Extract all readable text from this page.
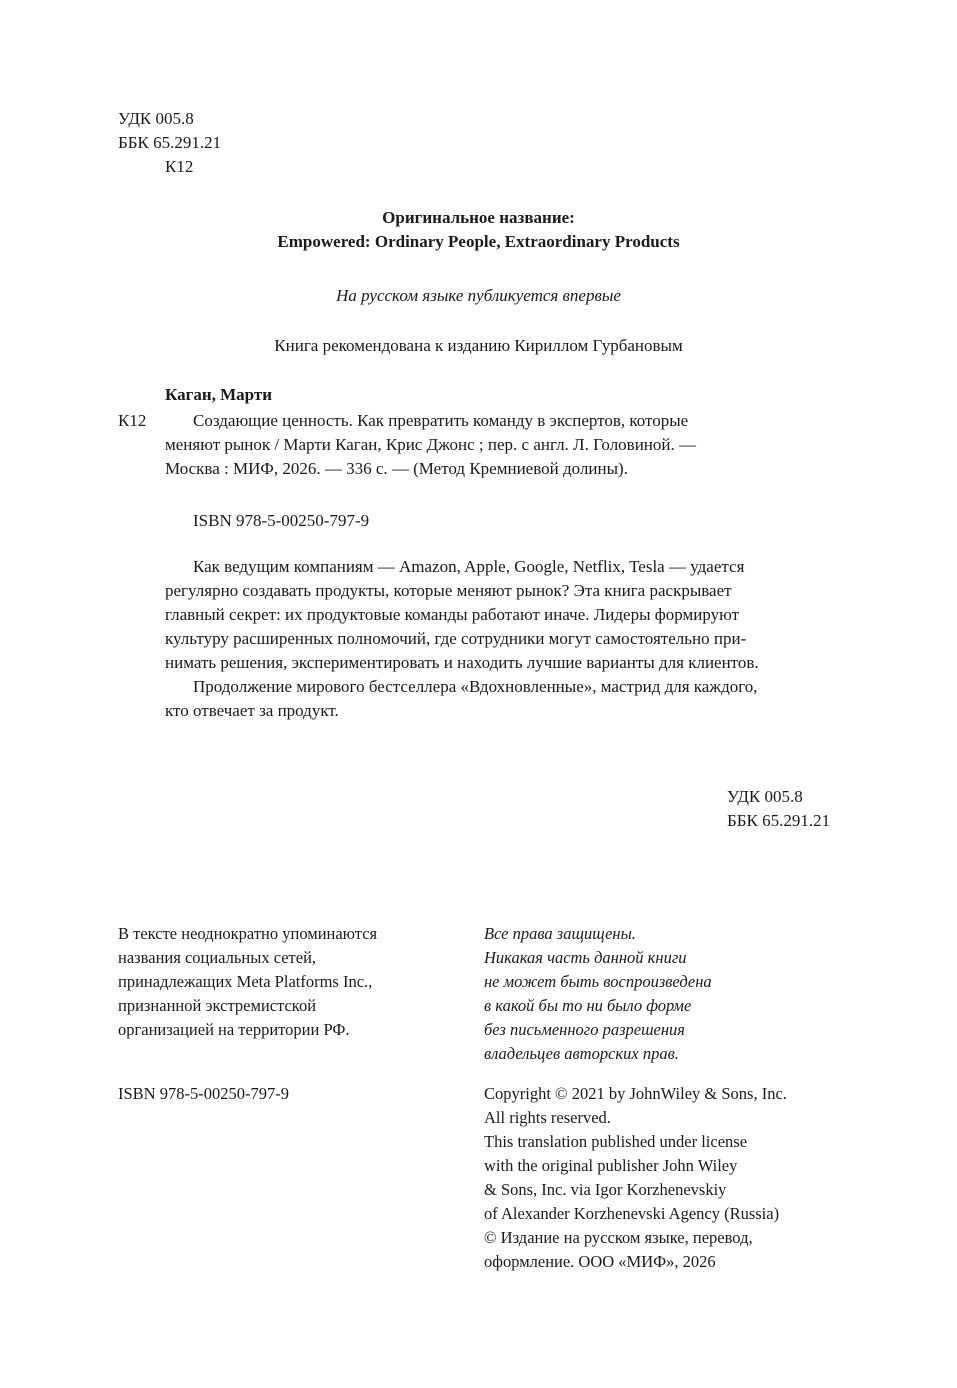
УДК 005.8
ББК 65.291.21
К12
Оригинальное название:
Empowered: Ordinary People, Extraordinary Products
На русском языке публикуется впервые
Книга рекомендована к изданию Кириллом Гурбановым
Каган, Марти
К12	Создающие ценность. Как превратить команду в экспертов, которые
меняют рынок / Марти Каган, Крис Джонс ; пер. с англ. Л. Головиной. —
Москва : МИФ, 2026. — 336 с. — (Метод Кремниевой долины).
ISBN 978-5-00250-797-9
Как ведущим компаниям — Amazon, Apple, Google, Netflix, Tesla — удается
регулярно создавать продукты, которые меняют рынок? Эта книга раскрывает
главный секрет: их продуктовые команды работают иначе. Лидеры формируют
культуру расширенных полномочий, где сотрудники могут самостоятельно при-
нимать решения, экспериментировать и находить лучшие варианты для клиентов.
Продолжение мирового бестселлера «Вдохновленные», мастрид для каждого,
кто отвечает за продукт.
УДК 005.8
ББК 65.291.21
В тексте неоднократно упоминаются
названия социальных сетей,
принадлежащих Meta Platforms Inc.,
признанной экстремистской
организацией на территории РФ.
Все права защищены.
Никакая часть данной книги
не может быть воспроизведена
в какой бы то ни было форме
без письменного разрешения
владельцев авторских прав.
ISBN 978-5-00250-797-9	Copyright © 2021 by JohnWiley & Sons, Inc.
All rights reserved.
This translation published under license
with the original publisher John Wiley
& Sons, Inc. via Igor Korzhenevskiy
of Alexander Korzhenevski Agency (Russia)
© Издание на русском языке, перевод,
оформление. ООО «МИФ», 2026
